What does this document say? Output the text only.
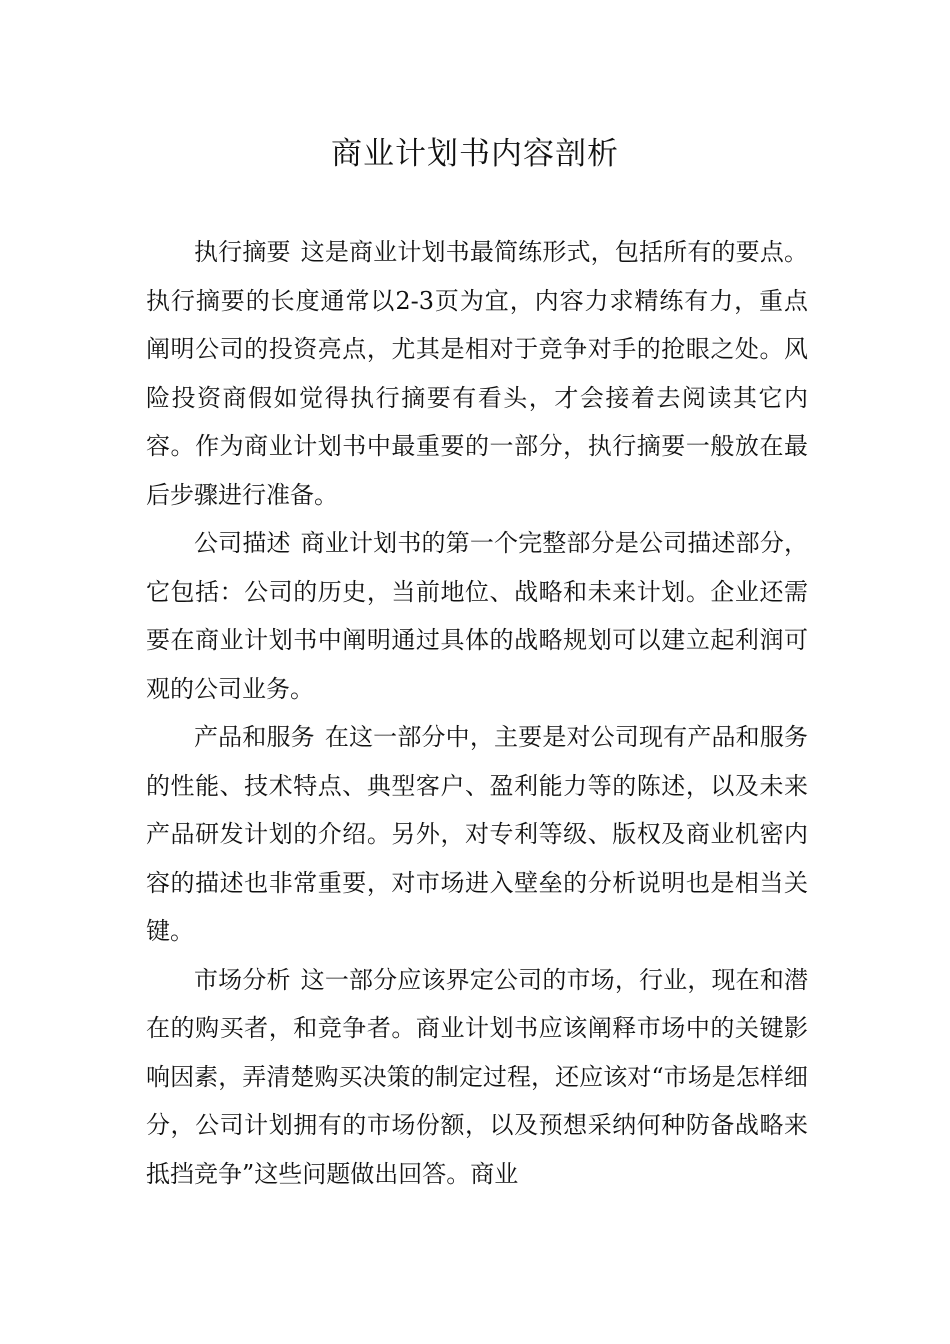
商业计划书内容剖析

执行摘要 这是商业计划书最简练形式，包括所有的要点。执行摘要的长度通常以2-3页为宜，内容力求精练有力，重点阐明公司的投资亮点，尤其是相对于竞争对手的抢眼之处。风险投资商假如觉得执行摘要有看头，才会接着去阅读其它内容。作为商业计划书中最重要的一部分，执行摘要一般放在最后步骤进行准备。

公司描述 商业计划书的第一个完整部分是公司描述部分，它包括：公司的历史，当前地位、战略和未来计划。企业还需要在商业计划书中阐明通过具体的战略规划可以建立起利润可观的公司业务。

产品和服务 在这一部分中，主要是对公司现有产品和服务的性能、技术特点、典型客户、盈利能力等的陈述，以及未来产品研发计划的介绍。另外，对专利等级、版权及商业机密内容的描述也非常重要，对市场进入壁垒的分析说明也是相当关键。

市场分析 这一部分应该界定公司的市场，行业，现在和潜在的购买者，和竞争者。商业计划书应该阐释市场中的关键影响因素，弄清楚购买决策的制定过程，还应该对“市场是怎样细分，公司计划拥有的市场份额，以及预想采纳何种防备战略来抵挡竞争”这些问题做出回答。商业
